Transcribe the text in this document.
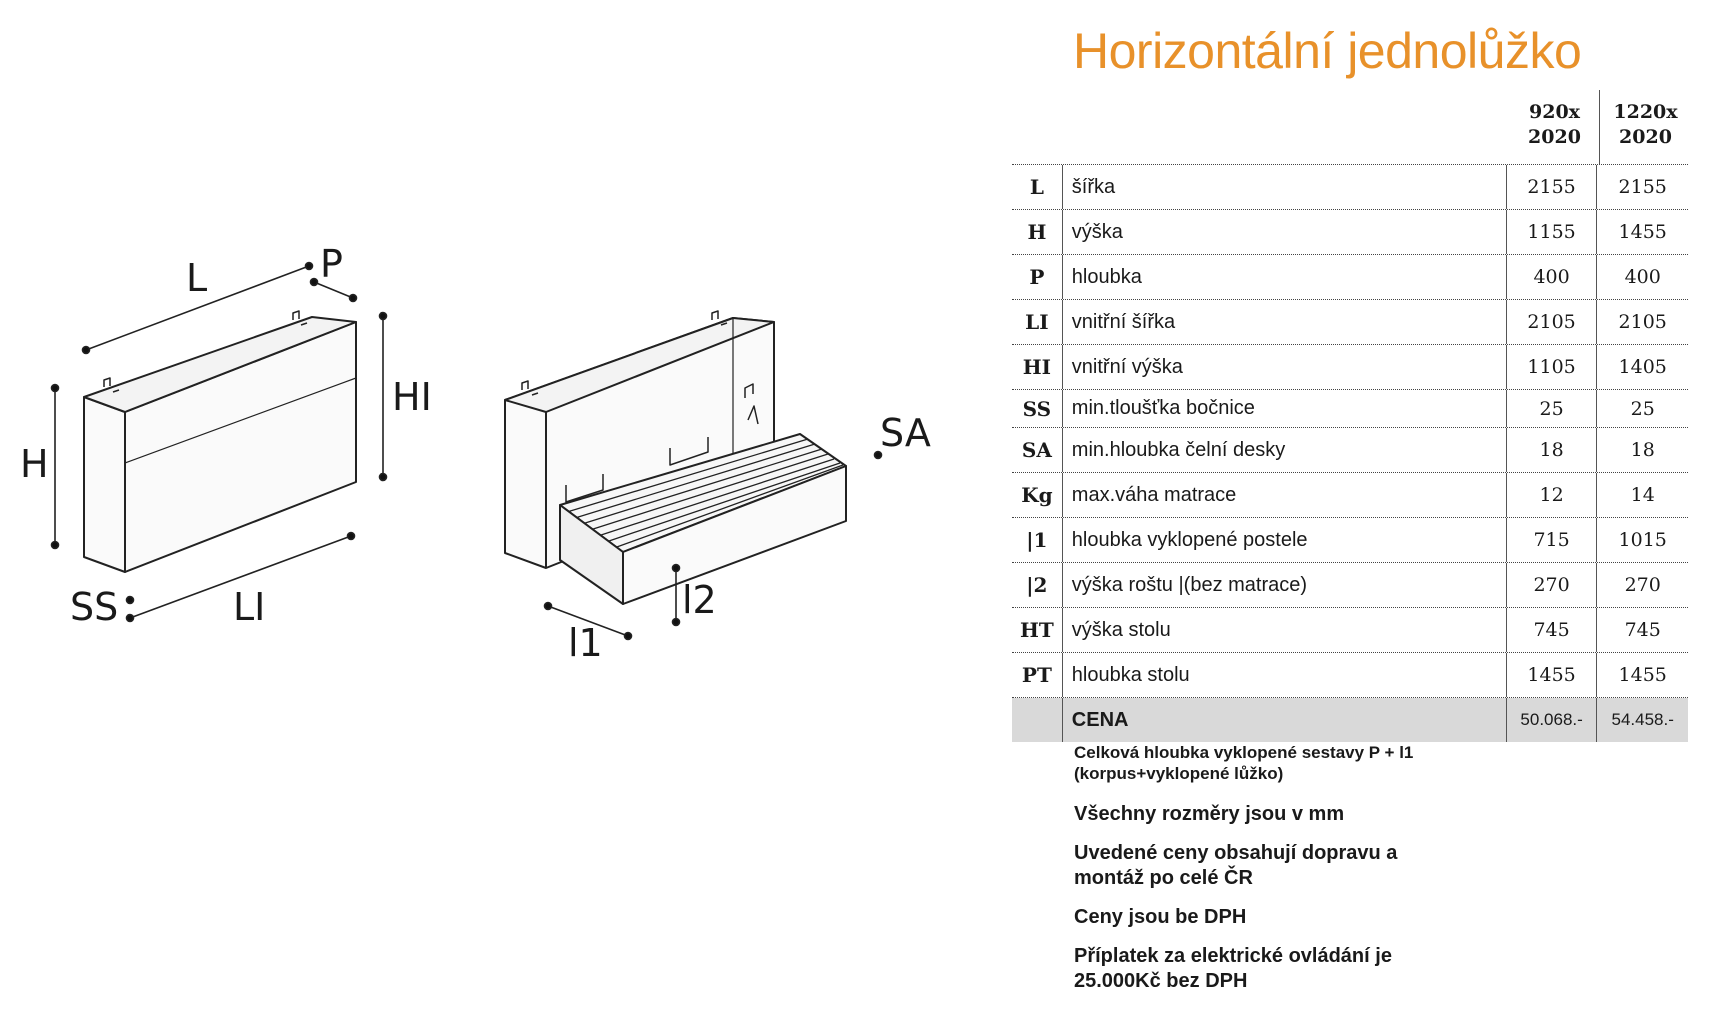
L	P
H
HI
SS	LI
SA
l1
l2
Horizontální jednolůžko
920x
2020
1220x
2020
L	šířka	2155	2155
H	výška	1155	1455
P	hloubka	400	400
LI	vnitřní šířka	2105	2105
HI	vnitřní výška	1105	1405
SS	min.tloušťka bočnice	25	25
SA min.hloubka čelní desky	18	18
Kg max.váha matrace	12	14
|1	hloubka vyklopené postele	715	1015
|2	výška roštu |(bez matrace)	270	270
HT výška stolu	745	745
PT hloubka stolu	1455	1455
CENA	50.068.-	54.458.-
Celková hloubka vyklopené sestavy P + l1
(korpus+vyklopené lůžko)

Všechny rozměry jsou v mm

Uvedené ceny obsahují dopravu a montáž po celé ČR

Ceny jsou be DPH

Příplatek za elektrické ovládání je 25.000Kč bez DPH
